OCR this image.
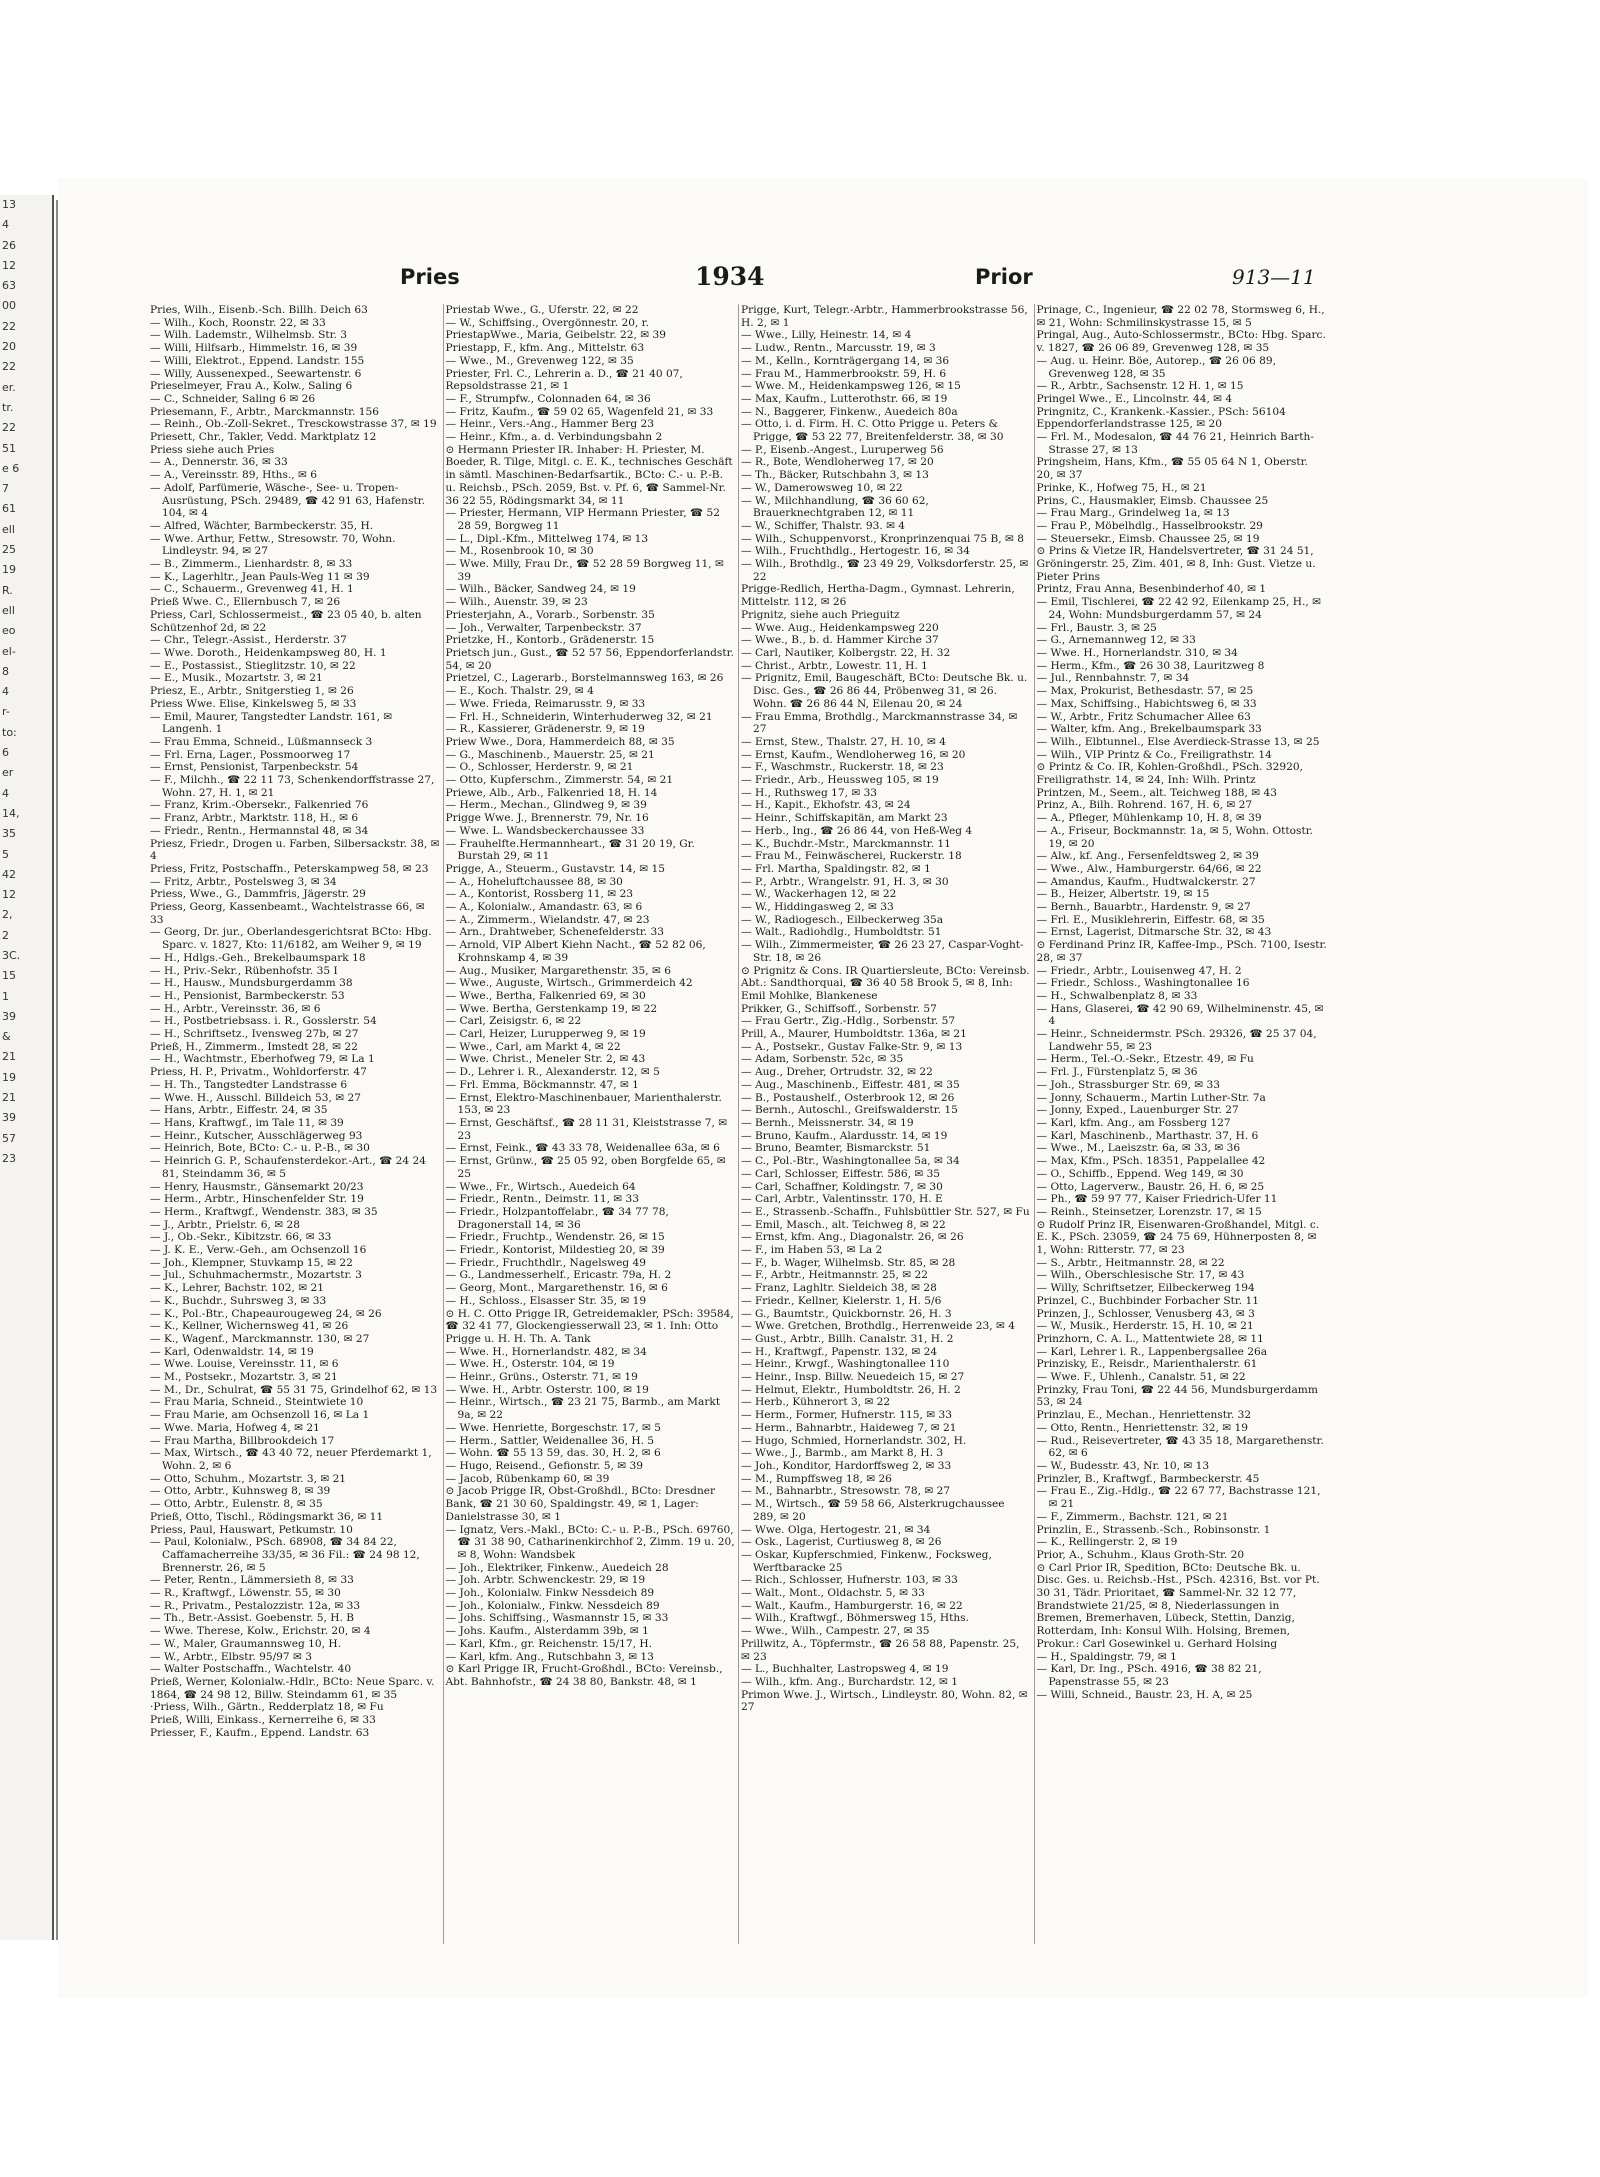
13
4
26
12
63
00
22
20
22
er.
tr.
22
51
e 6
7
61
ell
25
19
R.
ell
eo
el-
8
4
r-
to:
6
er
4
14,
35
5
42
12
2,
2
3C.
15
1
39
&
21
19
21
39
57
23
Pries	1934	Prior	913—11

Pries, Wilh., Eisenb.-Sch. Billh. Deich 63

— Wilh., Koch, Roonstr. 22, ✉ 33

— Wilh. Lademstr., Wilhelmsb. Str. 3

— Willi, Hilfsarb., Himmelstr. 16, ✉ 39

— Willi, Elektrot., Eppend. Landstr. 155

— Willy, Aussenexped., Seewartenstr. 6

Prieselmeyer, Frau A., Kolw., Saling 6

— C., Schneider, Saling 6 ✉ 26

Priesemann, F., Arbtr., Marckmannstr. 156

— Reinh., Ob.-Zoll-Sekret., Tresckowstrasse 37, ✉ 19

Priesett, Chr., Takler, Vedd. Marktplatz 12

Priess siehe auch Pries

— A., Dennerstr. 36, ✉ 33

— A., Vereinsstr. 89, Hths., ✉ 6

— Adolf, Parfümerie, Wäsche-, See- u. Tropen-Ausrüstung, PSch. 29489, ☎ 42 91 63, Hafenstr. 104, ✉ 4

— Alfred, Wächter, Barmbeckerstr. 35, H.

— Wwe. Arthur, Fettw., Stresowstr. 70, Wohn. Lindleystr. 94, ✉ 27

— B., Zimmerm., Lienhardstr. 8, ✉ 33

— K., Lagerhltr., Jean Pauls-Weg 11 ✉ 39

— C., Schauerm., Grevenweg 41, H. 1

Prieß Wwe. C., Ellernbusch 7, ✉ 26

Priess, Carl, Schlossermeist., ☎ 23 05 40, b. alten Schützenhof 2d, ✉ 22

— Chr., Telegr.-Assist., Herderstr. 37

— Wwe. Doroth., Heidenkampsweg 80, H. 1

— E., Postassist., Stieglitzstr. 10, ✉ 22

— E., Musik., Mozartstr. 3, ✉ 21

Priesz, E., Arbtr., Snitgerstieg 1, ✉ 26

Priess Wwe. Elise, Kinkelsweg 5, ✉ 33

— Emil, Maurer, Tangstedter Landstr. 161, ✉ Langenh. 1

— Frau Emma, Schneid., Lüßmannseck 3

— Frl. Erna, Lager., Possmoorweg 17

— Ernst, Pensionist, Tarpenbeckstr. 54

— F., Milchh., ☎ 22 11 73, Schenkendorffstrasse 27, Wohn. 27, H. 1, ✉ 21

— Franz, Krim.-Obersekr., Falkenried 76

— Franz, Arbtr., Marktstr. 118, H., ✉ 6

— Friedr., Rentn., Hermannstal 48, ✉ 34

Priesz, Friedr., Drogen u. Farben, Silbersackstr. 38, ✉ 4

Priess, Fritz, Postschaffn., Peterskampweg 58, ✉ 23

— Fritz, Arbtr., Postelsweg 3, ✉ 34

Priess, Wwe., G., Dammfris, Jägerstr. 29

Priess, Georg, Kassenbeamt., Wachtelstrasse 66, ✉ 33

— Georg, Dr. jur., Oberlandesgerichtsrat BCto: Hbg. Sparc. v. 1827, Kto: 11/6182, am Weiher 9, ✉ 19

— H., Hdlgs.-Geh., Brekelbaumspark 18

— H., Priv.-Sekr., Rübenhofstr. 35 I

— H., Hausw., Mundsburgerdamm 38

— H., Pensionist, Barmbeckerstr. 53

— H., Arbtr., Vereinsstr. 36, ✉ 6

— H., Postbetriebsass. i. R., Gosslerstr. 54

— H., Schriftsetz., Ivensweg 27b, ✉ 27

Prieß, H., Zimmerm., Imstedt 28, ✉ 22

— H., Wachtmstr., Eberhofweg 79, ✉ La 1

Priess, H. P., Privatm., Wohldorferstr. 47

— H. Th., Tangstedter Landstrasse 6

— Wwe. H., Ausschl. Billdeich 53, ✉ 27

— Hans, Arbtr., Eiffestr. 24, ✉ 35

— Hans, Kraftwgf., im Tale 11, ✉ 39

— Heinr., Kutscher, Ausschlägerweg 93

— Heinrich, Bote, BCto: C.- u. P.-B., ✉ 30

— Heinrich G. P., Schaufensterdekor.-Art., ☎ 24 24 81, Steindamm 36, ✉ 5

— Henry, Hausmstr., Gänsemarkt 20/23

— Herm., Arbtr., Hinschenfelder Str. 19

— Herm., Kraftwgf., Wendenstr. 383, ✉ 35

— J., Arbtr., Prielstr. 6, ✉ 28

— J., Ob.-Sekr., Kibitzstr. 66, ✉ 33

— J. K. E., Verw.-Geh., am Ochsenzoll 16

— Joh., Klempner, Stuvkamp 15, ✉ 22

— Jul., Schuhmachermstr., Mozartstr. 3

— K., Lehrer, Bachstr. 102, ✉ 21

— K., Buchdr., Suhrsweg 3, ✉ 33

— K., Pol.-Btr., Chapeaurougeweg 24, ✉ 26

— K., Kellner, Wichernsweg 41, ✉ 26

— K., Wagenf., Marckmannstr. 130, ✉ 27

— Karl, Odenwaldstr. 14, ✉ 19

— Wwe. Louise, Vereinsstr. 11, ✉ 6

— M., Postsekr., Mozartstr. 3, ✉ 21

— M., Dr., Schulrat, ☎ 55 31 75, Grindelhof 62, ✉ 13

— Frau Maria, Schneid., Steintwiete 10

— Frau Marie, am Ochsenzoll 16, ✉ La 1

— Wwe. Maria, Hofweg 4, ✉ 21

— Frau Martha, Billbrookdeich 17

— Max, Wirtsch., ☎ 43 40 72, neuer Pferdemarkt 1, Wohn. 2, ✉ 6

— Otto, Schuhm., Mozartstr. 3, ✉ 21

— Otto, Arbtr., Kuhnsweg 8, ✉ 39

— Otto, Arbtr., Eulenstr. 8, ✉ 35

Prieß, Otto, Tischl., Rödingsmarkt 36, ✉ 11

Priess, Paul, Hauswart, Petkumstr. 10

— Paul, Kolonialw., PSch. 68908, ☎ 34 84 22, Caffamacherreihe 33/35, ✉ 36 Fil.: ☎ 24 98 12, Brennerstr. 26, ✉ 5

— Peter, Rentn., Lämmersieth 8, ✉ 33

— R., Kraftwgf., Löwenstr. 55, ✉ 30

— R., Privatm., Pestalozzistr. 12a, ✉ 33

— Th., Betr.-Assist. Goebenstr. 5, H. B

— Wwe. Therese, Kolw., Erichstr. 20, ✉ 4

— W., Maler, Graumannsweg 10, H.

— W., Arbtr., Elbstr. 95/97 ✉ 3

— Walter Postschaffn., Wachtelstr. 40

Prieß, Werner, Kolonialw.-Hdlr., BCto: Neue Sparc. v. 1864, ☎ 24 98 12, Billw. Steindamm 61, ✉ 35

·Priess, Wilh., Gärtn., Redderplatz 18, ✉ Fu

Prieß, Willi, Einkass., Kernerreihe 6, ✉ 33

Priesser, F., Kaufm., Eppend. Landstr. 63

Priestab Wwe., G., Uferstr. 22, ✉ 22

— W., Schiffsing., Overgönnestr. 20, r.

PriestapWwe., Maria, Geibelstr. 22, ✉ 39

Priestapp, F., kfm. Ang., Mittelstr. 63

— Wwe., M., Grevenweg 122, ✉ 35

Priester, Frl. C., Lehrerin a. D., ☎ 21 40 07, Repsoldstrasse 21, ✉ 1

— F., Strumpfw., Colonnaden 64, ✉ 36

— Fritz, Kaufm., ☎ 59 02 65, Wagenfeld 21, ✉ 33

— Heinr., Vers.-Ang., Hammer Berg 23

— Heinr., Kfm., a. d. Verbindungsbahn 2

⊙ Hermann Priester IR. Inhaber: H. Priester, M. Boeder, R. Tilge, Mitgl. c. E. K., technisches Geschäft in sämtl. Maschinen-Bedarfsartik., BCto: C.- u. P.-B. u. Reichsb., PSch. 2059, Bst. v. Pf. 6, ☎ Sammel-Nr. 36 22 55, Rödingsmarkt 34, ✉ 11

— Priester, Hermann, VIP Hermann Priester, ☎ 52 28 59, Borgweg 11

— L., Dipl.-Kfm., Mittelweg 174, ✉ 13

— M., Rosenbrook 10, ✉ 30

— Wwe. Milly, Frau Dr., ☎ 52 28 59 Borgweg 11, ✉ 39

— Wilh., Bäcker, Sandweg 24, ✉ 19

— Wilh., Auenstr. 39, ✉ 23

Priesterjahn, A., Vorarb., Sorbenstr. 35

— Joh., Verwalter, Tarpenbeckstr. 37

Prietzke, H., Kontorb., Grädenerstr. 15

Prietsch jun., Gust., ☎ 52 57 56, Eppendorferlandstr. 54, ✉ 20

Prietzel, C., Lagerarb., Borstelmannsweg 163, ✉ 26

— E., Koch. Thalstr. 29, ✉ 4

— Wwe. Frieda, Reimarusstr. 9, ✉ 33

— Frl. H., Schneiderin, Winterhuderweg 32, ✉ 21

— R., Kassierer, Grädenerstr. 9, ✉ 19

Priew Wwe., Dora, Hammerdeich 88, ✉ 35

— G., Maschinenb., Mauerstr. 25, ✉ 21

— O., Schlosser, Herderstr. 9, ✉ 21

— Otto, Kupferschm., Zimmerstr. 54, ✉ 21

Priewe, Alb., Arb., Falkenried 18, H. 14

— Herm., Mechan., Glindweg 9, ✉ 39

Prigge Wwe. J., Brennerstr. 79, Nr. 16

— Wwe. L. Wandsbeckerchaussee 33

— Frauhelfte.Hermannheart., ☎ 31 20 19, Gr. Burstah 29, ✉ 11

Prigge, A., Steuerm., Gustavstr. 14, ✉ 15

— A., Hoheluftchaussee 88, ✉ 30

— A., Kontorist, Rossberg 11, ✉ 23

— A., Kolonialw., Amandastr. 63, ✉ 6

— A., Zimmerm., Wielandstr. 47, ✉ 23

— Arn., Drahtweber, Schenefelderstr. 33

— Arnold, VIP Albert Kiehn Nacht., ☎ 52 82 06, Krohnskamp 4, ✉ 39

— Aug., Musiker, Margarethenstr. 35, ✉ 6

— Wwe., Auguste, Wirtsch., Grimmerdeich 42

— Wwe., Bertha, Falkenried 69, ✉ 30

— Wwe. Bertha, Gerstenkamp 19, ✉ 22

— Carl, Zeisigstr. 6, ✉ 22

— Carl, Heizer, Lurupperweg 9, ✉ 19

— Wwe., Carl, am Markt 4, ✉ 22

— Wwe. Christ., Meneler Str. 2, ✉ 43

— D., Lehrer i. R., Alexanderstr. 12, ✉ 5

— Frl. Emma, Böckmannstr. 47, ✉ 1

— Ernst, Elektro-Maschinenbauer, Marienthalerstr. 153, ✉ 23

— Ernst, Geschäftsf., ☎ 28 11 31, Kleiststrasse 7, ✉ 23

— Ernst, Feink., ☎ 43 33 78, Weidenallee 63a, ✉ 6

— Ernst, Grünw., ☎ 25 05 92, oben Borgfelde 65, ✉ 25

— Wwe., Fr., Wirtsch., Auedeich 64

— Friedr., Rentn., Deimstr. 11, ✉ 33

— Friedr., Holzpantoffelabr., ☎ 34 77 78, Dragonerstall 14, ✉ 36

— Friedr., Fruchtp., Wendenstr. 26, ✉ 15

— Friedr., Kontorist, Mildestieg 20, ✉ 39

— Friedr., Fruchthdlr., Nagelsweg 49

— G., Landmesserhelf., Ericastr. 79a, H. 2

— Georg, Mont., Margarethenstr. 16, ✉ 6

— H., Schloss., Elsasser Str. 35, ✉ 19

⊙ H. C. Otto Prigge IR, Getreidemakler, PSch: 39584, ☎ 32 41 77, Glockengiesserwall 23, ✉ 1. Inh: Otto Prigge u. H. H. Th. A. Tank

— Wwe. H., Hornerlandstr. 482, ✉ 34

— Wwe. H., Osterstr. 104, ✉ 19

— Heinr., Grüns., Osterstr. 71, ✉ 19

— Wwe. H., Arbtr. Osterstr. 100, ✉ 19

— Heinr., Wirtsch., ☎ 23 21 75, Barmb., am Markt 9a, ✉ 22

— Wwe. Henriette, Borgeschstr. 17, ✉ 5

— Herm., Sattler, Weidenallee 36, H. 5

— Wohn. ☎ 55 13 59, das. 30, H. 2, ✉ 6

— Hugo, Reisend., Gefionstr. 5, ✉ 39

— Jacob, Rübenkamp 60, ✉ 39

⊙ Jacob Prigge IR, Obst-Großhdl., BCto: Dresdner Bank, ☎ 21 30 60, Spaldingstr. 49, ✉ 1, Lager: Danielstrasse 30, ✉ 1

— Ignatz, Vers.-Makl., BCto: C.- u. P.-B., PSch. 69760, ☎ 31 38 90, Catharinenkirchhof 2, Zimm. 19 u. 20, ✉ 8, Wohn: Wandsbek

— Joh., Elektriker, Finkenw., Auedeich 28

— Joh. Arbtr. Schwenckestr. 29, ✉ 19

— Joh., Kolonialw. Finkw Nessdeich 89

— Joh., Kolonialw., Finkw. Nessdeich 89

— Johs. Schiffsing., Wasmannstr 15, ✉ 33

— Johs. Kaufm., Alsterdamm 39b, ✉ 1

— Karl, Kfm., gr. Reichenstr. 15/17, H.

— Karl, kfm. Ang., Rutschbahn 3, ✉ 13

⊙ Karl Prigge IR, Frucht-Großhdl., BCto: Vereinsb., Abt. Bahnhofstr., ☎ 24 38 80, Bankstr. 48, ✉ 1

Prigge, Kurt, Telegr.-Arbtr., Hammerbrookstrasse 56, H. 2, ✉ 1

— Wwe., Lilly, Heinestr. 14, ✉ 4

— Ludw., Rentn., Marcusstr. 19, ✉ 3

— M., Kelln., Kornträgergang 14, ✉ 36

— Frau M., Hammerbrookstr. 59, H. 6

— Wwe. M., Heidenkampsweg 126, ✉ 15

— Max, Kaufm., Lutterothstr. 66, ✉ 19

— N., Baggerer, Finkenw., Auedeich 80a

— Otto, i. d. Firm. H. C. Otto Prigge u. Peters & Prigge, ☎ 53 22 77, Breitenfelderstr. 38, ✉ 30

— P., Eisenb.-Angest., Luruperweg 56

— R., Bote, Wendloherweg 17, ✉ 20

— Th., Bäcker, Rutschbahn 3, ✉ 13

— W., Damerowsweg 10, ✉ 22

— W., Milchhandlung, ☎ 36 60 62, Brauerknechtgraben 12, ✉ 11

— W., Schiffer, Thalstr. 93. ✉ 4

— Wilh., Schuppenvorst., Kronprinzenquai 75 B, ✉ 8

— Wilh., Fruchthdlg., Hertogestr. 16, ✉ 34

— Wilh., Brothdlg., ☎ 23 49 29, Volksdorferstr. 25, ✉ 22

Prigge-Redlich, Hertha-Dagm., Gymnast. Lehrerin, Mittelstr. 112, ✉ 26

Prignitz, siehe auch Prieguitz

— Wwe. Aug., Heidenkampsweg 220

— Wwe., B., b. d. Hammer Kirche 37

— Carl, Nautiker, Kolbergstr. 22, H. 32

— Christ., Arbtr., Lowestr. 11, H. 1

— Prignitz, Emil, Baugeschäft, BCto: Deutsche Bk. u. Disc. Ges., ☎ 26 86 44, Pröbenweg 31, ✉ 26. Wohn. ☎ 26 86 44 N, Eilenau 20, ✉ 24

— Frau Emma, Brothdlg., Marckmannstrasse 34, ✉ 27

— Ernst, Stew., Thalstr. 27, H. 10, ✉ 4

— Ernst, Kaufm., Wendloherweg 16, ✉ 20

— F., Waschmstr., Ruckerstr. 18, ✉ 23

— Friedr., Arb., Heussweg 105, ✉ 19

— H., Ruthsweg 17, ✉ 33

— H., Kapit., Ekhofstr. 43, ✉ 24

— Heinr., Schiffskapitän, am Markt 23

— Herb., Ing., ☎ 26 86 44, von Heß-Weg 4

— K., Buchdr.-Mstr., Marckmannstr. 11

— Frau M., Feinwäscherei, Ruckerstr. 18

— Frl. Martha, Spaldingstr. 82, ✉ 1

— P., Arbtr., Wrangelstr. 91, H. 3, ✉ 30

— W., Wackerhagen 12, ✉ 22

— W., Hiddingasweg 2, ✉ 33

— W., Radiogesch., Eilbeckerweg 35a

— Walt., Radiohdlg., Humboldtstr. 51

— Wilh., Zimmermeister, ☎ 26 23 27, Caspar-Voght-Str. 18, ✉ 26

⊙ Prignitz & Cons. IR Quartiersleute, BCto: Vereinsb. Abt.: Sandthorquai, ☎ 36 40 58 Brook 5, ✉ 8, Inh: Emil Mohlke, Blankenese

Prikker, G., Schiffsoff., Sorbenstr. 57

— Frau Gertr., Zig.-Hdlg., Sorbenstr. 57

Prill, A., Maurer, Humboldtstr. 136a, ✉ 21

— A., Postsekr., Gustav Falke-Str. 9, ✉ 13

— Adam, Sorbenstr. 52c, ✉ 35

— Aug., Dreher, Ortrudstr. 32, ✉ 22

— Aug., Maschinenb., Eiffestr. 481, ✉ 35

— B., Postaushelf., Osterbrook 12, ✉ 26

— Bernh., Autoschl., Greifswalderstr. 15

— Bernh., Meissnerstr. 34, ✉ 19

— Bruno, Kaufm., Alardusstr. 14, ✉ 19

— Bruno, Beamter, Bismarckstr. 51

— C., Pol.-Btr., Washingtonallee 5a, ✉ 34

— Carl, Schlosser, Eiffestr. 586, ✉ 35

— Carl, Schaffner, Koldingstr. 7, ✉ 30

— Carl, Arbtr., Valentinsstr. 170, H. E

— E., Strassenb.-Schaffn., Fuhlsbüttler Str. 527, ✉ Fu

— Emil, Masch., alt. Teichweg 8, ✉ 22

— Ernst, kfm. Ang., Diagonalstr. 26, ✉ 26

— F., im Haben 53, ✉ La 2

— F., b. Wager, Wilhelmsb. Str. 85, ✉ 28

— F., Arbtr., Heitmannstr. 25, ✉ 22

— Franz, Laghltr. Sieldeich 38, ✉ 28

— Friedr., Kellner, Kielerstr. 1, H. 5/6

— G., Baumtstr., Quickbornstr. 26, H. 3

— Wwe. Gretchen, Brothdlg., Herrenweide 23, ✉ 4

— Gust., Arbtr., Billh. Canalstr. 31, H. 2

— H., Kraftwgf., Papenstr. 132, ✉ 24

— Heinr., Krwgf., Washingtonallee 110

— Heinr., Insp. Billw. Neuedeich 15, ✉ 27

— Helmut, Elektr., Humboldtstr. 26, H. 2

— Herb., Kühnerort 3, ✉ 22

— Herm., Former, Hufnerstr. 115, ✉ 33

— Herm., Bahnarbtr., Haideweg 7, ✉ 21

— Hugo, Schmied, Hornerlandstr. 302, H.

— Wwe., J., Barmb., am Markt 8, H. 3

— Joh., Konditor, Hardorffsweg 2, ✉ 33

— M., Rumpffsweg 18, ✉ 26

— M., Bahnarbtr., Stresowstr. 78, ✉ 27

— M., Wirtsch., ☎ 59 58 66, Alsterkrugchaussee 289, ✉ 20

— Wwe. Olga, Hertogestr. 21, ✉ 34

— Osk., Lagerist, Curtiusweg 8, ✉ 26

— Oskar, Kupferschmied, Finkenw., Focksweg, Werftbaracke 25

— Rich., Schlosser, Hufnerstr. 103, ✉ 33

— Walt., Mont., Oldachstr. 5, ✉ 33

— Walt., Kaufm., Hamburgerstr. 16, ✉ 22

— Wilh., Kraftwgf., Böhmersweg 15, Hths.

— Wwe., Wilh., Campestr. 27, ✉ 35

Prillwitz, A., Töpfermstr., ☎ 26 58 88, Papenstr. 25, ✉ 23

— L., Buchhalter, Lastropsweg 4, ✉ 19

— Wilh., kfm. Ang., Burchardstr. 12, ✉ 1

Primon Wwe. J., Wirtsch., Lindleystr. 80, Wohn. 82, ✉ 27

Prinage, C., Ingenieur, ☎ 22 02 78, Stormsweg 6, H., ✉ 21, Wohn: Schmilinskystrasse 15, ✉ 5

Pringal, Aug., Auto-Schlossermstr., BCto: Hbg. Sparc. v. 1827, ☎ 26 06 89, Grevenweg 128, ✉ 35

— Aug. u. Heinr. Böe, Autorep., ☎ 26 06 89, Grevenweg 128, ✉ 35

— R., Arbtr., Sachsenstr. 12 H. 1, ✉ 15

Pringel Wwe., E., Lincolnstr. 44, ✉ 4

Pringnitz, C., Krankenk.-Kassier., PSch: 56104 Eppendorferlandstrasse 125, ✉ 20

— Frl. M., Modesalon, ☎ 44 76 21, Heinrich Barth-Strasse 27, ✉ 13

Pringsheim, Hans, Kfm., ☎ 55 05 64 N 1, Oberstr. 20, ✉ 37

Prinke, K., Hofweg 75, H., ✉ 21

Prins, C., Hausmakler, Eimsb. Chaussee 25

— Frau Marg., Grindelweg 1a, ✉ 13

— Frau P., Möbelhdlg., Hasselbrookstr. 29

— Steuersekr., Eimsb. Chaussee 25, ✉ 19

⊙ Prins & Vietze IR, Handelsvertreter, ☎ 31 24 51, Gröningerstr. 25, Zim. 401, ✉ 8, Inh: Gust. Vietze u. Pieter Prins

Printz, Frau Anna, Besenbinderhof 40, ✉ 1

— Emil, Tischlerei, ☎ 22 42 92, Eilenkamp 25, H., ✉ 24, Wohn: Mundsburgerdamm 57, ✉ 24

— Frl., Baustr. 3, ✉ 25

— G., Arnemannweg 12, ✉ 33

— Wwe. H., Hornerlandstr. 310, ✉ 34

— Herm., Kfm., ☎ 26 30 38, Lauritzweg 8

— Jul., Rennbahnstr. 7, ✉ 34

— Max, Prokurist, Bethesdastr. 57, ✉ 25

— Max, Schiffsing., Habichtsweg 6, ✉ 33

— W., Arbtr., Fritz Schumacher Allee 63

— Walter, kfm. Ang., Brekelbaumspark 33

— Wilh., Elbtunnel., Else Averdieck-Strasse 13, ✉ 25

— Wilh., VIP Printz & Co., Freiligrathstr. 14

⊙ Printz & Co. IR, Kohlen-Großhdl., PSch. 32920, Freiligrathstr. 14, ✉ 24, Inh: Wilh. Printz

Printzen, M., Seem., alt. Teichweg 188, ✉ 43

Prinz, A., Bilh. Rohrend. 167, H. 6, ✉ 27

— A., Pfleger, Mühlenkamp 10, H. 8, ✉ 39

— A., Friseur, Bockmannstr. 1a, ✉ 5, Wohn. Ottostr. 19, ✉ 20

— Alw., kf. Ang., Fersenfeldtsweg 2, ✉ 39

— Wwe., Alw., Hamburgerstr. 64/66, ✉ 22

— Amandus, Kaufm., Hudtwalckerstr. 27

— B., Heizer, Albertstr. 19, ✉ 15

— Bernh., Bauarbtr., Hardenstr. 9, ✉ 27

— Frl. E., Musiklehrerin, Eiffestr. 68, ✉ 35

— Ernst, Lagerist, Ditmarsche Str. 32, ✉ 43

⊙ Ferdinand Prinz IR, Kaffee-Imp., PSch. 7100, Isestr. 28, ✉ 37

— Friedr., Arbtr., Louisenweg 47, H. 2

— Friedr., Schloss., Washingtonallee 16

— H., Schwalbenplatz 8, ✉ 33

— Hans, Glaserei, ☎ 42 90 69, Wilhelminenstr. 45, ✉ 4

— Heinr., Schneidermstr. PSch. 29326, ☎ 25 37 04, Landwehr 55, ✉ 23

— Herm., Tel.-O.-Sekr., Etzestr. 49, ✉ Fu

— Frl. J., Fürstenplatz 5, ✉ 36

— Joh., Strassburger Str. 69, ✉ 33

— Jonny, Schauerm., Martin Luther-Str. 7a

— Jonny, Exped., Lauenburger Str. 27

— Karl, kfm. Ang., am Fossberg 127

— Karl, Maschinenb., Marthastr. 37, H. 6

— Wwe., M., Laeiszstr. 6a, ✉ 33, ✉ 36

— Max, Kfm., PSch. 18351, Pappelallee 42

— O., Schiffb., Eppend. Weg 149, ✉ 30

— Otto, Lagerverw., Baustr. 26, H. 6, ✉ 25

— Ph., ☎ 59 97 77, Kaiser Friedrich-Ufer 11

— Reinh., Steinsetzer, Lorenzstr. 17, ✉ 15

⊙ Rudolf Prinz IR, Eisenwaren-Großhandel, Mitgl. c. E. K., PSch. 23059, ☎ 24 75 69, Hühnerposten 8, ✉ 1, Wohn: Ritterstr. 77, ✉ 23

— S., Arbtr., Heitmannstr. 28, ✉ 22

— Wilh., Oberschlesische Str. 17, ✉ 43

— Willy, Schriftsetzer, Eilbeckerweg 194

Prinzel, C., Buchbinder Forbacher Str. 11

Prinzen, J., Schlosser, Venusberg 43, ✉ 3

— W., Musik., Herderstr. 15, H. 10, ✉ 21

Prinzhorn, C. A. L., Mattentwiete 28, ✉ 11

— Karl, Lehrer i. R., Lappenbergsallee 26a

Prinzisky, E., Reisdr., Marienthalerstr. 61

— Wwe. F., Uhlenh., Canalstr. 51, ✉ 22

Prinzky, Frau Toni, ☎ 22 44 56, Mundsburgerdamm 53, ✉ 24

Prinzlau, E., Mechan., Henriettenstr. 32

— Otto, Rentn., Henriettenstr. 32, ✉ 19

— Rud., Reisevertreter, ☎ 43 35 18, Margarethenstr. 62, ✉ 6

— W., Budesstr. 43, Nr. 10, ✉ 13

Prinzler, B., Kraftwgf., Barmbeckerstr. 45

— Frau E., Zig.-Hdlg., ☎ 22 67 77, Bachstrasse 121, ✉ 21

— F., Zimmerm., Bachstr. 121, ✉ 21

Prinzlin, E., Strassenb.-Sch., Robinsonstr. 1

— K., Rellingerstr. 2, ✉ 19

Prior, A., Schuhm., Klaus Groth-Str. 20

⊙ Carl Prior IR, Spedition, BCto: Deutsche Bk. u. Disc. Ges. u. Reichsb.-Hst., PSch. 42316, Bst. vor Pt. 30 31, Tädr. Prioritaet, ☎ Sammel-Nr. 32 12 77, Brandstwiete 21/25, ✉ 8, Niederlassungen in Bremen, Bremerhaven, Lübeck, Stettin, Danzig, Rotterdam, Inh: Konsul Wilh. Holsing, Bremen, Prokur.: Carl Gosewinkel u. Gerhard Holsing

— H., Spaldingstr. 79, ✉ 1

— Karl, Dr. Ing., PSch. 4916, ☎ 38 82 21, Papenstrasse 55, ✉ 23

— Willi, Schneid., Baustr. 23, H. A, ✉ 25
